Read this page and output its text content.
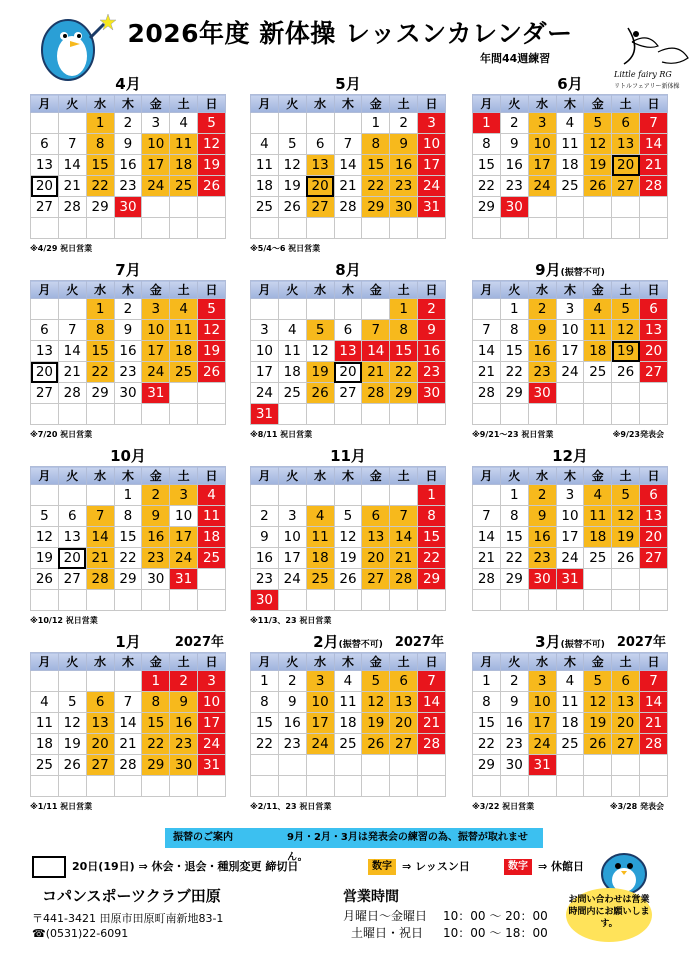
2026年度 新体操 レッスンカレンダー
年間44週練習
Little fairy RG
リトルフェアリー新体操
4月
月	火	水	木	金	土	日
		1	2	3	4	5
6	7	8	9	10	11	12
13	14	15	16	17	18	19
20	21	22	23	24	25	26
27	28	29	30			

※4/29 祝日営業
5月
月	火	水	木	金	土	日
				1	2	3
4	5	6	7	8	9	10
11	12	13	14	15	16	17
18	19	20	21	22	23	24
25	26	27	28	29	30	31

※5/4～6 祝日営業
6月
月	火	水	木	金	土	日
1	2	3	4	5	6	7
8	9	10	11	12	13	14
15	16	17	18	19	20	21
22	23	24	25	26	27	28
29	30					

7月
月	火	水	木	金	土	日
		1	2	3	4	5
6	7	8	9	10	11	12
13	14	15	16	17	18	19
20	21	22	23	24	25	26
27	28	29	30	31		

※7/20 祝日営業
8月
月	火	水	木	金	土	日
					1	2
3	4	5	6	7	8	9
10	11	12	13	14	15	16
17	18	19	20	21	22	23
24	25	26	27	28	29	30
31						
※8/11 祝日営業
9月(振替不可)
月	火	水	木	金	土	日
	1	2	3	4	5	6
7	8	9	10	11	12	13
14	15	16	17	18	19	20
21	22	23	24	25	26	27
28	29	30				

※9/21～23 祝日営業	※9/23発表会
10月
月	火	水	木	金	土	日
			1	2	3	4
5	6	7	8	9	10	11
12	13	14	15	16	17	18
19	20	21	22	23	24	25
26	27	28	29	30	31	

※10/12 祝日営業
11月
月	火	水	木	金	土	日
						1
2	3	4	5	6	7	8
9	10	11	12	13	14	15
16	17	18	19	20	21	22
23	24	25	26	27	28	29
30						
※11/3、23 祝日営業
12月
月	火	水	木	金	土	日
	1	2	3	4	5	6
7	8	9	10	11	12	13
14	15	16	17	18	19	20
21	22	23	24	25	26	27
28	29	30	31			

1月	2027年
月	火	水	木	金	土	日
				1	2	3
4	5	6	7	8	9	10
11	12	13	14	15	16	17
18	19	20	21	22	23	24
25	26	27	28	29	30	31

※1/11 祝日営業
2月(振替不可) 2027年
月	火	水	木	金	土	日
1	2	3	4	5	6	7
8	9	10	11	12	13	14
15	16	17	18	19	20	21
22	23	24	25	26	27	28

※2/11、23 祝日営業
3月(振替不可) 2027年
月	火	水	木	金	土	日
1	2	3	4	5	6	7
8	9	10	11	12	13	14
15	16	17	18	19	20	21
22	23	24	25	26	27	28
29	30	31				

※3/22 祝日営業	※3/28 発表会
振替のご案内	9月・2月・3月は発表会の練習の為、振替が取れません。
20日(19日) ⇒ 休会・退会・種別変更 締切日	数字 ⇒ レッスン日	数字 ⇒ 休館日
コパンスポーツクラブ田原
〒441-3421 田原市田原町南新地83-1
☎(0531)22-6091
営業時間
月曜日～金曜日 10：00 ～ 20：00
土曜日・祝日 10：00 ～ 18：00
お問い合わせは営業時間内にお願いします。
